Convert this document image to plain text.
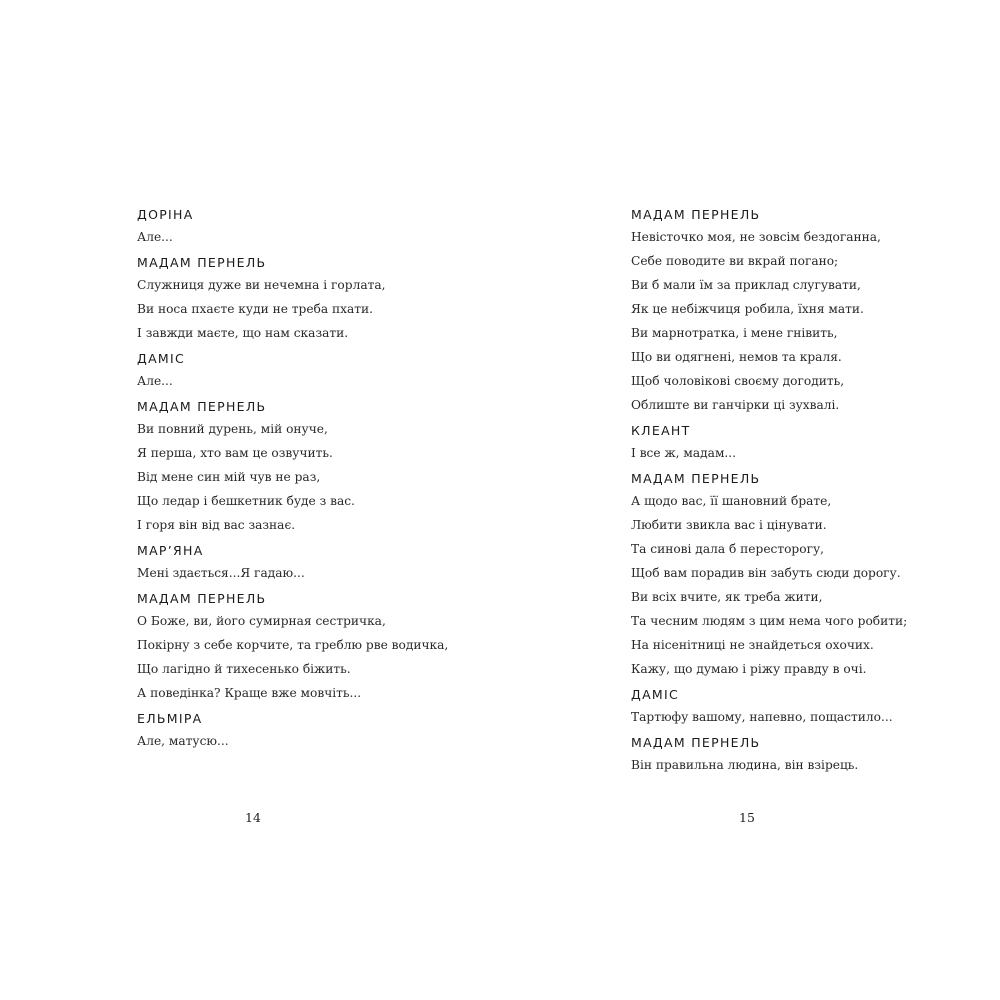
ДОРІНА
Але...
МАДАМ ПЕРНЕЛЬ
Служниця дуже ви нечемна і горлата,
Ви носа пхаєте куди не треба пхати.
І завжди маєте, що нам сказати.
ДАМІС
Але...
МАДАМ ПЕРНЕЛЬ
Ви повний дурень, мій онуче,
Я перша, хто вам це озвучить.
Від мене син мій чув не раз,
Що ледар і бешкетник буде з вас.
І горя він від вас зазнає.
МАР’ЯНА
Мені здається...Я гадаю...
МАДАМ ПЕРНЕЛЬ
О Боже, ви, його сумирная сестричка,
Покірну з себе корчите, та греблю рве водичка,
Що лагідно й тихесенько біжить.
А поведінка? Краще вже мовчіть...
ЕЛЬМІРА
Але, матусю...
МАДАМ ПЕРНЕЛЬ
Невісточко моя, не зовсім бездоганна,
Себе поводите ви вкрай погано;
Ви б мали їм за приклад слугувати,
Як це небіжчиця робила, їхня мати.
Ви марнотратка, і мене гнівить,
Що ви одягнені, немов та краля.
Щоб чоловікові своєму догодить,
Облиште ви ганчірки ці зухвалі.
КЛЕАНТ
І все ж, мадам...
МАДАМ ПЕРНЕЛЬ
А щодо вас, її шановний брате,
Любити звикла вас і цінувати.
Та синові дала б пересторогу,
Щоб вам порадив він забуть сюди дорогу.
Ви всіх вчите, як треба жити,
Та чесним людям з цим нема чого робити;
На нісенітниці не знайдеться охочих.
Кажу, що думаю і ріжу правду в очі.
ДАМІС
Тартюфу вашому, напевно, пощастило...
МАДАМ ПЕРНЕЛЬ
Він правильна людина, він взірець.
14	15
